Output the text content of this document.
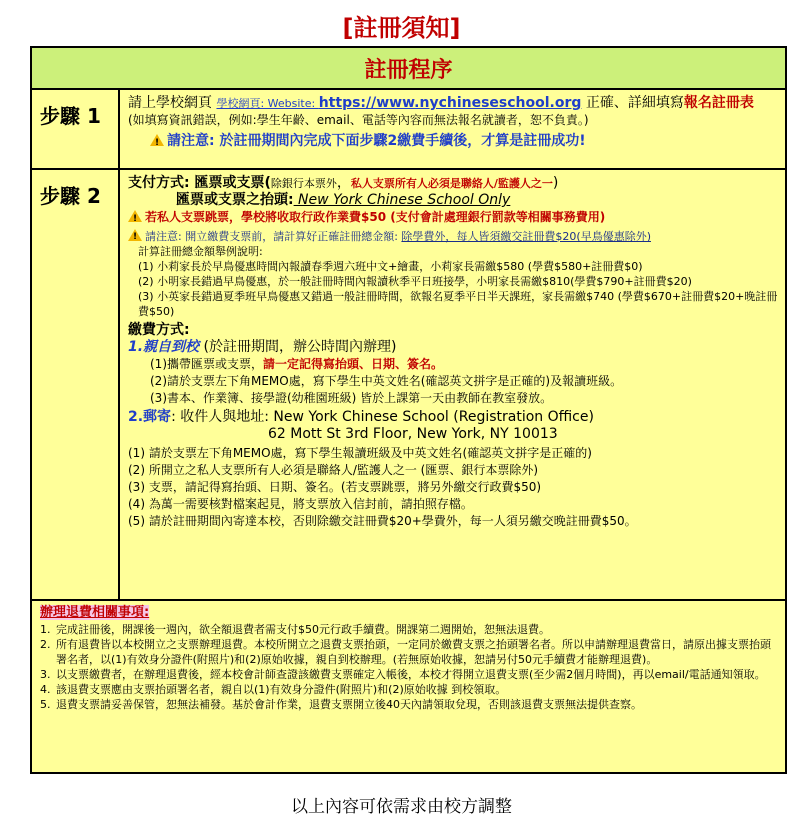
[註冊須知]
註冊程序
步驟 1

請上學校網頁 學校網頁: Website: https://www.nychineseschool.org 正確、詳細填寫報名註冊表

(如填寫資訊錯誤，例如:學生年齡、email、電話等內容而無法報名就讀者，恕不負責。)

!請注意: 於註冊期間內完成下面步驟2繳費手續後，才算是註冊成功!

步驟 2

支付方式: 匯票或支票(除銀行本票外，私人支票所有人必須是聯絡人/監護人之一)

匯票或支票之抬頭: New York Chinese School Only

!若私人支票跳票，學校將收取行政作業費$50 (支付會計處理銀行罰款等相關事務費用)

!請注意: 開立繳費支票前，請計算好正確註冊總金額: 除學費外，每人皆須繳交註冊費$20(早鳥優惠除外)

計算註冊總金額舉例說明:

(1) 小莉家長於早鳥優惠時間內報讀春季週六班中文+繪畫，小莉家長需繳$580 (學費$580+註冊費$0)

(2) 小明家長錯過早鳥優惠，於一般註冊時間內報讀秋季平日班接學，小明家長需繳$810(學費$790+註冊費$20)

(3) 小英家長錯過夏季班早鳥優惠又錯過一般註冊時間，欲報名夏季平日半天課班，家長需繳$740 (學費$670+註冊費$20+晚註冊費$50)

繳費方式:

1.親自到校 (於註冊期間，辦公時間內辦理)

(1)攜帶匯票或支票，請一定記得寫抬頭、日期、簽名。

(2)請於支票左下角MEMO處，寫下學生中英文姓名(確認英文拼字是正確的)及報讀班級。

(3)書本、作業簿、接學證(幼稚園班級) 皆於上課第一天由教師在教室發放。

2.郵寄: 收件人與地址: New York Chinese School (Registration Office)

62 Mott St 3rd Floor, New York, NY 10013

(1) 請於支票左下角MEMO處，寫下學生報讀班級及中英文姓名(確認英文拼字是正確的)

(2) 所開立之私人支票所有人必須是聯絡人/監護人之一 (匯票、銀行本票除外)

(3) 支票，請記得寫抬頭、日期、簽名。(若支票跳票，將另外繳交行政費$50)

(4) 為萬一需要核對檔案起見，將支票放入信封前，請拍照存檔。

(5) 請於註冊期間內寄達本校，否則除繳交註冊費$20+學費外，每一人須另繳交晚註冊費$50。

辦理退費相關事項:
1. 完成註冊後，開課後一週內，欲全額退費者需支付$50元行政手續費。開課第二週開始，恕無法退費。
2. 所有退費皆以本校開立之支票辦理退費。本校所開立之退費支票抬頭，一定同於繳費支票之抬頭署名者。所以申請辦理退費當日，請原出據支票抬頭署名者，以(1)有效身分證件(附照片)和(2)原始收據，親自到校辦理。(若無原始收據，恕請另付50元手續費才能辦理退費)。
3. 以支票繳費者，在辦理退費後，經本校會計師查證該繳費支票確定入帳後，本校才得開立退費支票(至少需2個月時間)，再以email/電話通知領取。
4. 該退費支票應由支票抬頭署名者，親自以(1)有效身分證件(附照片)和(2)原始收據 到校領取。
5. 退費支票請妥善保管，恕無法補發。基於會計作業，退費支票開立後40天內請領取兌現，否則該退費支票無法提供查察。
以上內容可依需求由校方調整
